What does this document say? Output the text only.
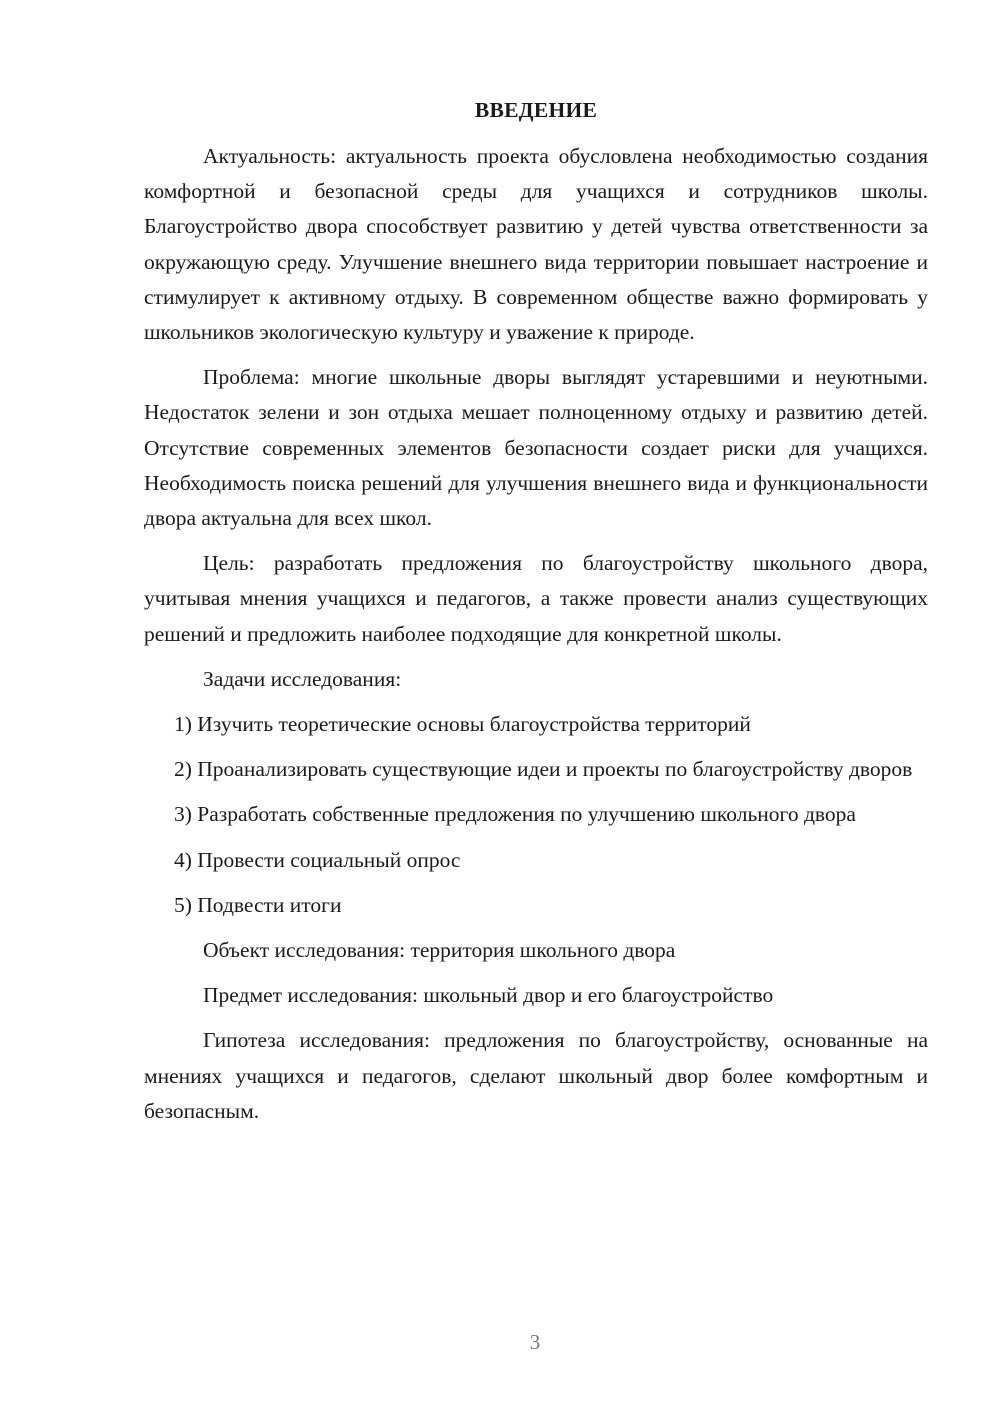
ВВЕДЕНИЕ

Актуальность: актуальность проекта обусловлена необходимостью создания комфортной и безопасной среды для учащихся и сотрудников школы. Благоустройство двора способствует развитию у детей чувства ответственности за окружающую среду. Улучшение внешнего вида территории повышает настроение и стимулирует к активному отдыху. В современном обществе важно формировать у школьников экологическую культуру и уважение к природе.

Проблема: многие школьные дворы выглядят устаревшими и неуютными. Недостаток зелени и зон отдыха мешает полноценному отдыху и развитию детей. Отсутствие современных элементов безопасности создает риски для учащихся. Необходимость поиска решений для улучшения внешнего вида и функциональности двора актуальна для всех школ.

Цель: разработать предложения по благоустройству школьного двора, учитывая мнения учащихся и педагогов, а также провести анализ существующих решений и предложить наиболее подходящие для конкретной школы.

Задачи исследования:

1) Изучить теоретические основы благоустройства территорий

2) Проанализировать существующие идеи и проекты по благоустройству дворов

3) Разработать собственные предложения по улучшению школьного двора

4) Провести социальный опрос

5) Подвести итоги

Объект исследования: территория школьного двора

Предмет исследования: школьный двор и его благоустройство

Гипотеза исследования: предложения по благоустройству, основанные на мнениях учащихся и педагогов, сделают школьный двор более комфортным и безопасным.

3
